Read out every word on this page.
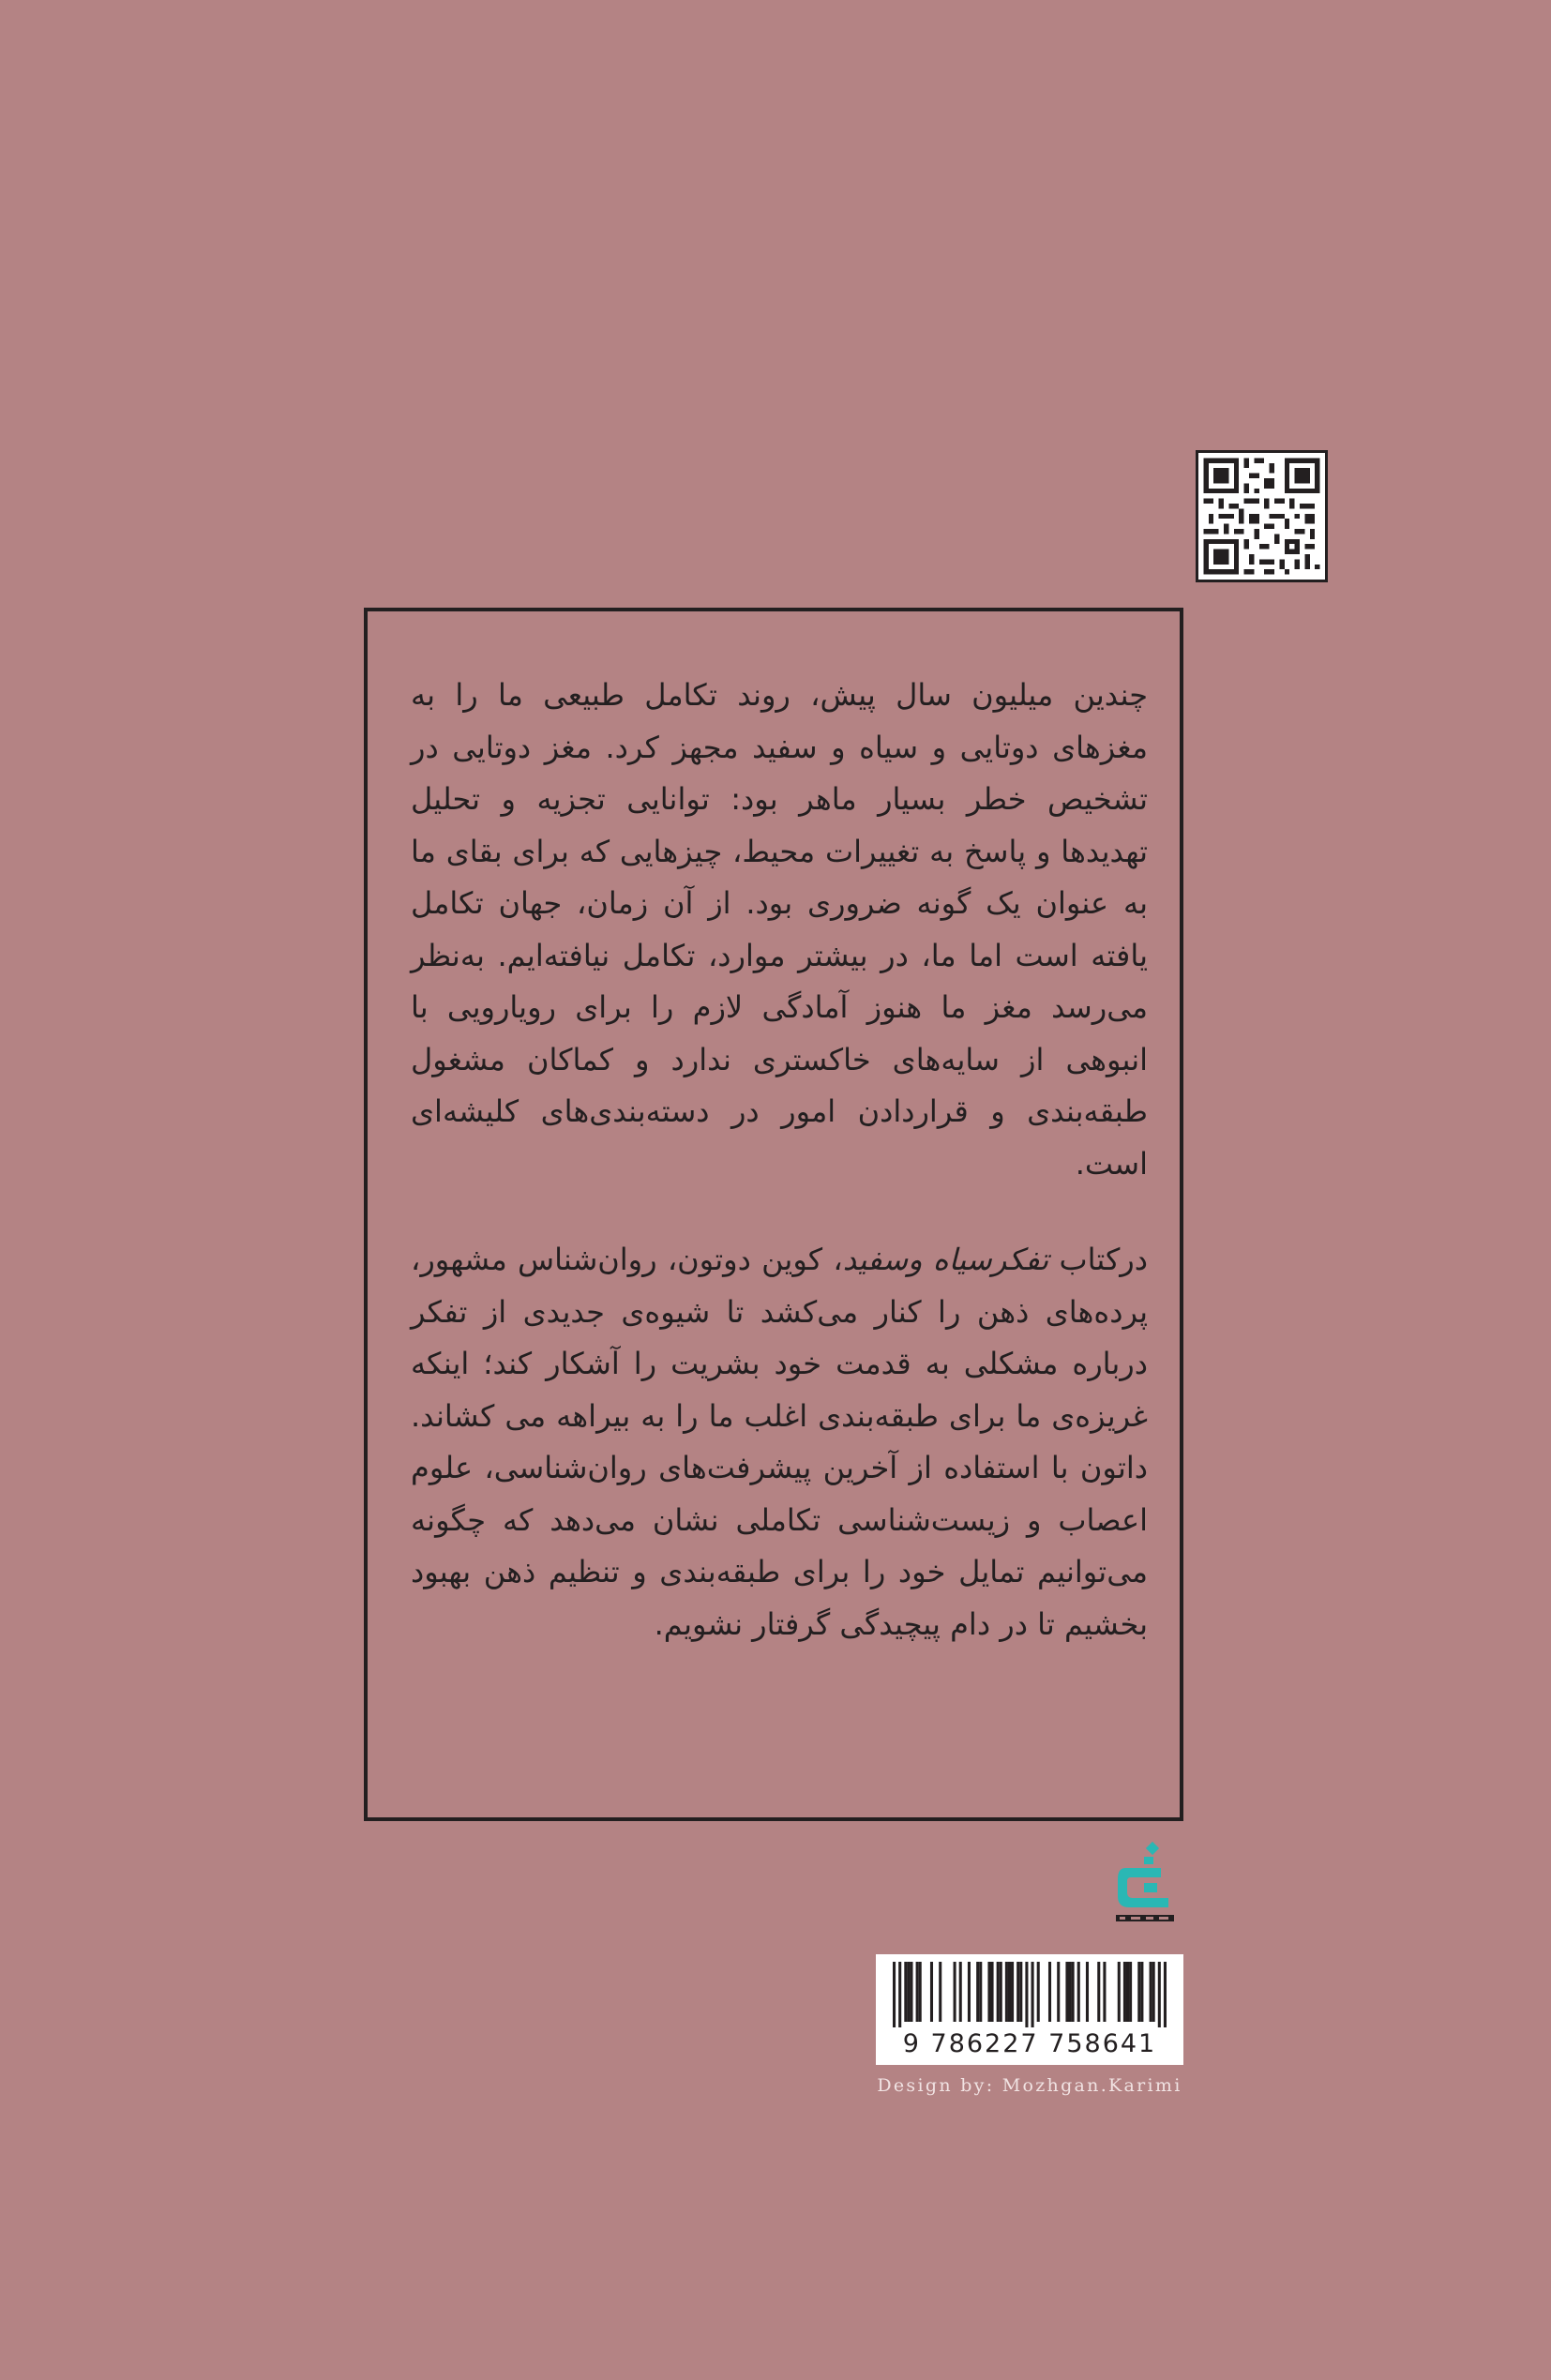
چندین میلیون سال پیش، روند تکامل طبیعی ما را به مغزهای دوتایی و سیاه و سفید مجهز کرد. مغز دوتایی در تشخیص خطر بسیار ماهر بود: توانایی تجزیه و تحلیل تهدیدها و پاسخ به تغییرات محیط، چیزهایی که برای بقای ما به عنوان یک گونه ضروری بود. از آن زمان، جهان تکامل یافته است اما ما، در بیشتر موارد، تکامل نیافته‌ایم. به‌نظر می‌رسد مغز ما هنوز آمادگی لازم را برای رویارویی با انبوهی از سایه‌های خاکستری ندارد و کماکان مشغول طبقه‌بندی و قراردادن امور در دسته‌بندی‌های کلیشه‌ای است.

درکتاب تفکرسیاه وسفید، کوین دوتون، روان‌شناس مشهور، پرده‌های ذهن را کنار می‌کشد تا شیوه‌ی جدیدی از تفکر درباره مشکلی به قدمت خود بشریت را آشکار کند؛ اینکه غریزه‌ی ما برای طبقه‌بندی اغلب ما را به بیراهه می کشاند. داتون با استفاده از آخرین پیشرفت‌های روان‌شناسی، علوم اعصاب و زیست‌شناسی تکاملی نشان می‌دهد که چگونه می‌توانیم تمایل خود را برای طبقه‌بندی و تنظیم ذهن بهبود بخشیم تا در دام پیچیدگی گرفتار نشویم.

9 786227 758641
Design by: Mozhgan.Karimi
